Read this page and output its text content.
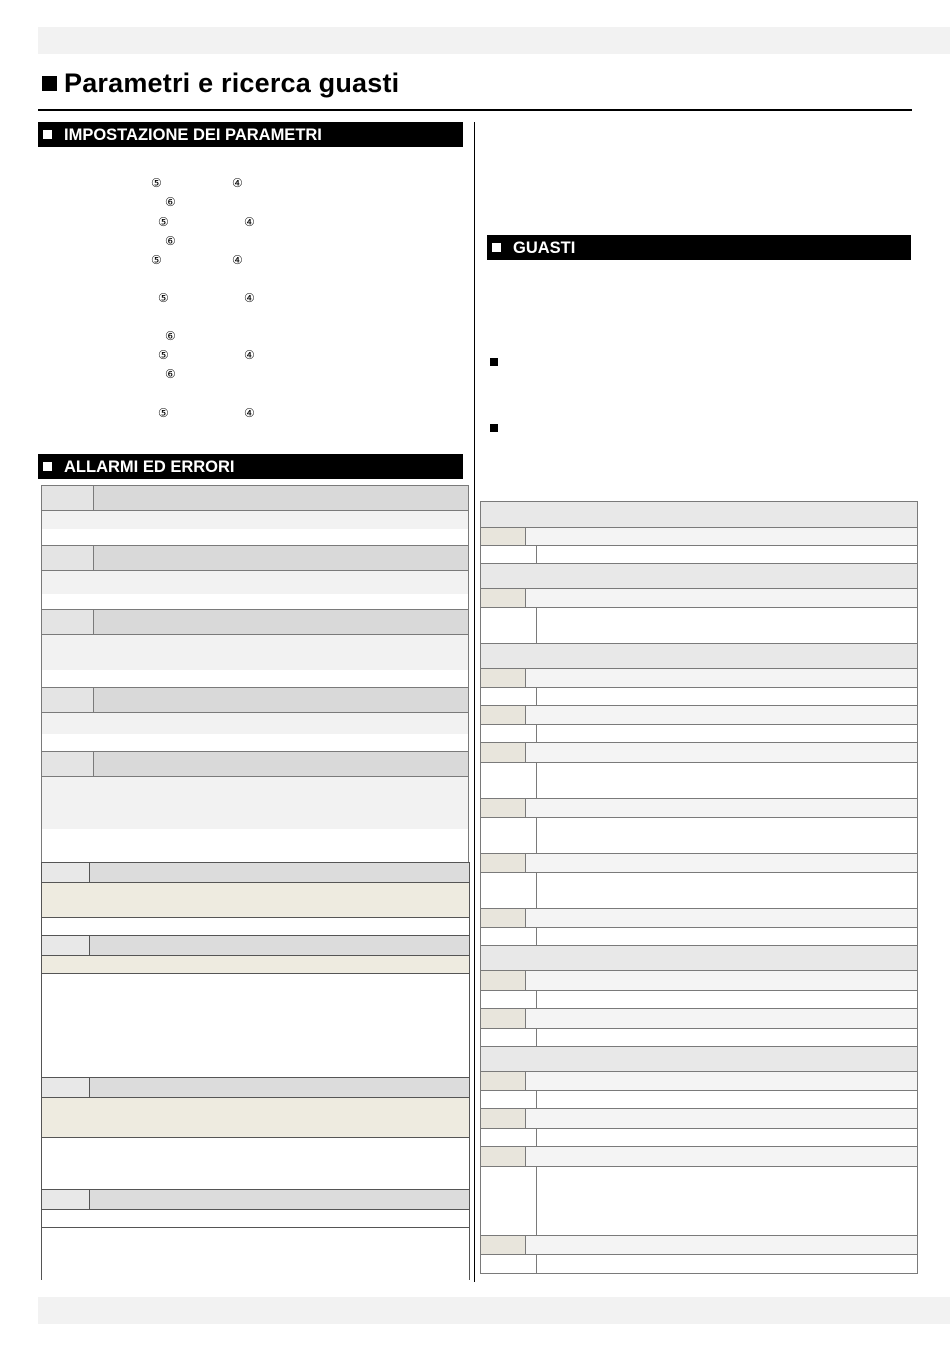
Parametri e ricerca guasti
IMPOSTAZIONE DEI PARAMETRI
⑤	④
⑥
⑤	④
⑥
⑤	④
⑤	④
⑥
⑤	④
⑥
⑤	④
ALLARMI ED ERRORI
GUASTI
